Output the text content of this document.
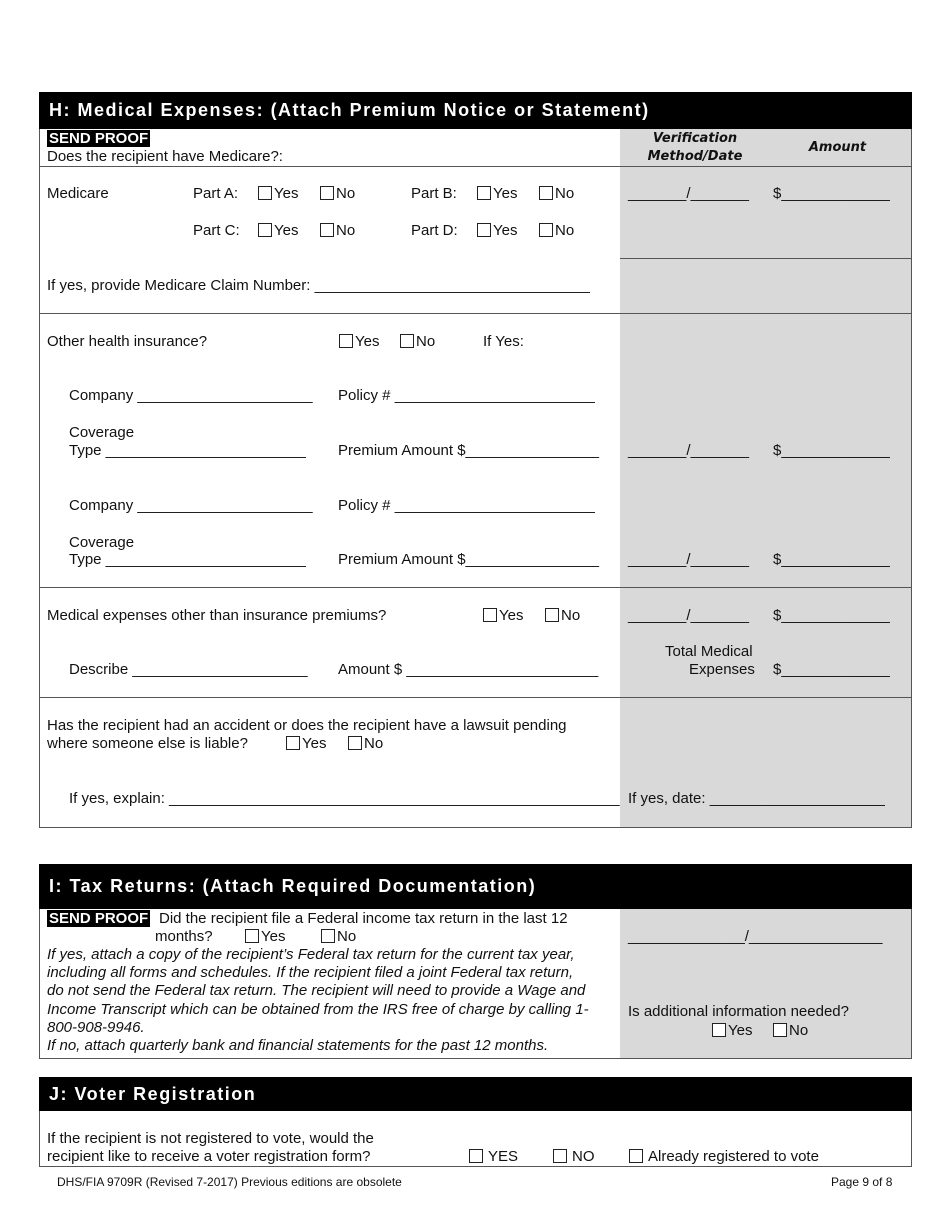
H: Medical Expenses: (Attach Premium Notice or Statement)
SEND PROOF
Does the recipient have Medicare?:
Verification Method/Date
Amount
Medicare	Part A:	Yes	No	Part B:	Yes	No	_______/_______ $_____________
Part C:	Yes	No	Part D:	Yes	No
If yes, provide Medicare Claim Number: _________________________________
Other health insurance?	Yes	No	If Yes:
Company _____________________ Policy # ________________________
Coverage
Type ________________________ Premium Amount $________________ _______/_______ $_____________
Company _____________________ Policy # ________________________
Coverage
Type ________________________ Premium Amount $________________ _______/_______ $_____________
Medical expenses other than insurance premiums?	Yes	No	_______/_______ $_____________
Describe _____________________ Amount $ _______________________
Total Medical
Expenses $_____________
Has the recipient had an accident or does the recipient have a lawsuit pending
where someone else is liable?	Yes	No
If yes, explain: ______________________________________________________ If yes, date: _____________________
I: Tax Returns: (Attach Required Documentation)
SEND PROOF Did the recipient file a Federal income tax return in the last 12
months?	Yes	No
If yes, attach a copy of the recipient’s Federal tax return for the current tax year,
including all forms and schedules. If the recipient filed a joint Federal tax return,
do not send the Federal tax return. The recipient will need to provide a Wage and
Income Transcript which can be obtained from the IRS free of charge by calling 1-
800-908-9946.
If no, attach quarterly bank and financial statements for the past 12 months.
______________/________________
Is additional information needed?
Yes	No
J: Voter Registration
If the recipient is not registered to vote, would the
recipient like to receive a voter registration form?	YES	NO	Already registered to vote
DHS/FIA 9709R (Revised 7-2017) Previous editions are obsolete	Page 9 of 8
